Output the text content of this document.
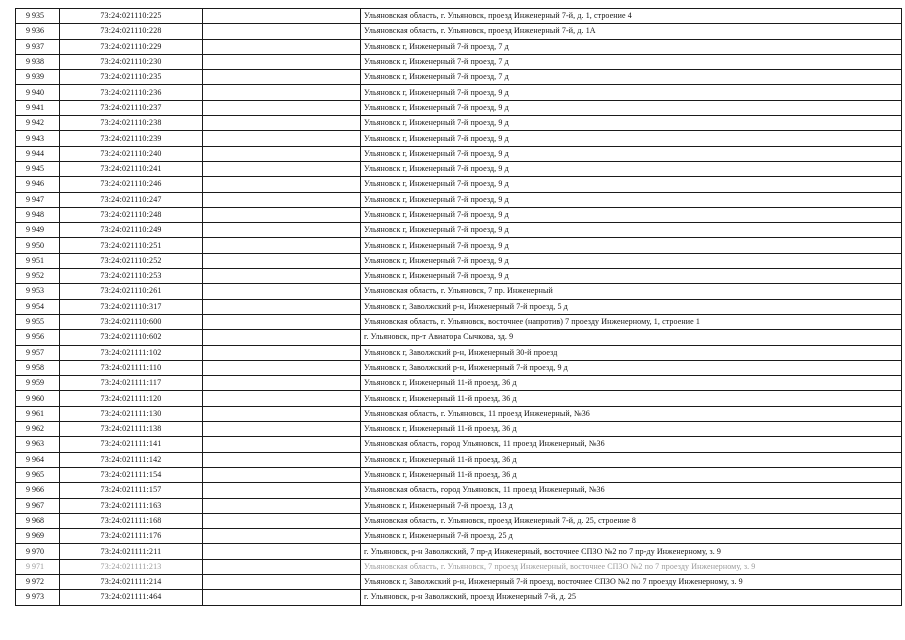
9 935	73:24:021110:225		Ульяновская область, г. Ульяновск, проезд Инженерный 7-й, д. 1, строение 4
9 936	73:24:021110:228		Ульяновская область, г. Ульяновск, проезд Инженерный 7-й, д. 1А
9 937	73:24:021110:229		Ульяновск г, Инженерный 7-й проезд, 7 д
9 938	73:24:021110:230		Ульяновск г, Инженерный 7-й проезд, 7 д
9 939	73:24:021110:235		Ульяновск г, Инженерный 7-й проезд, 7 д
9 940	73:24:021110:236		Ульяновск г, Инженерный 7-й проезд, 9 д
9 941	73:24:021110:237		Ульяновск г, Инженерный 7-й проезд, 9 д
9 942	73:24:021110:238		Ульяновск г, Инженерный 7-й проезд, 9 д
9 943	73:24:021110:239		Ульяновск г, Инженерный 7-й проезд, 9 д
9 944	73:24:021110:240		Ульяновск г, Инженерный 7-й проезд, 9 д
9 945	73:24:021110:241		Ульяновск г, Инженерный 7-й проезд, 9 д
9 946	73:24:021110:246		Ульяновск г, Инженерный 7-й проезд, 9 д
9 947	73:24:021110:247		Ульяновск г, Инженерный 7-й проезд, 9 д
9 948	73:24:021110:248		Ульяновск г, Инженерный 7-й проезд, 9 д
9 949	73:24:021110:249		Ульяновск г, Инженерный 7-й проезд, 9 д
9 950	73:24:021110:251		Ульяновск г, Инженерный 7-й проезд, 9 д
9 951	73:24:021110:252		Ульяновск г, Инженерный 7-й проезд, 9 д
9 952	73:24:021110:253		Ульяновск г, Инженерный 7-й проезд, 9 д
9 953	73:24:021110:261		Ульяновская область, г. Ульяновск, 7 пр. Инженерный
9 954	73:24:021110:317		Ульяновск г, Заволжский р-н, Инженерный 7-й проезд, 5 д
9 955	73:24:021110:600		Ульяновская область, г. Ульяновск, восточнее (напротив) 7 проезду Инженерному, 1, строение 1
9 956	73:24:021110:602		г. Ульяновск, пр-т Авиатора Сычкова, зд. 9
9 957	73:24:021111:102		Ульяновск г, Заволжский р-н, Инженерный 30-й проезд
9 958	73:24:021111:110		Ульяновск г, Заволжский р-н, Инженерный 7-й проезд, 9 д
9 959	73:24:021111:117		Ульяновск г, Инженерный 11-й проезд, 36 д
9 960	73:24:021111:120		Ульяновск г, Инженерный 11-й проезд, 36 д
9 961	73:24:021111:130		Ульяновская область, г. Ульяновск, 11 проезд Инженерный, №36
9 962	73:24:021111:138		Ульяновск г, Инженерный 11-й проезд, 36 д
9 963	73:24:021111:141		Ульяновская область, город Ульяновск, 11 проезд Инженерный, №36
9 964	73:24:021111:142		Ульяновск г, Инженерный 11-й проезд, 36 д
9 965	73:24:021111:154		Ульяновск г, Инженерный 11-й проезд, 36 д
9 966	73:24:021111:157		Ульяновская область, город Ульяновск, 11 проезд Инженерный, №36
9 967	73:24:021111:163		Ульяновск г, Инженерный 7-й проезд, 13 д
9 968	73:24:021111:168		Ульяновская область, г. Ульяновск, проезд Инженерный 7-й, д. 25, строение 8
9 969	73:24:021111:176		Ульяновск г, Инженерный 7-й проезд, 25 д
9 970	73:24:021111:211		г. Ульяновск, р-н Заволжский, 7 пр-д Инженерный, восточнее СПЗО №2 по 7 пр-ду Инженерному, з. 9
9 971	73:24:021111:213		Ульяновская область, г. Ульяновск, 7 проезд Инженерный, восточнее СПЗО №2 по 7 проезду Инженерному, з. 9
9 972	73:24:021111:214		Ульяновск г, Заволжский р-н, Инженерный 7-й проезд, восточнее СПЗО №2 по 7 проезду Инженерному, з. 9
9 973	73:24:021111:464		г. Ульяновск, р-н Заволжский, проезд Инженерный 7-й, д. 25
